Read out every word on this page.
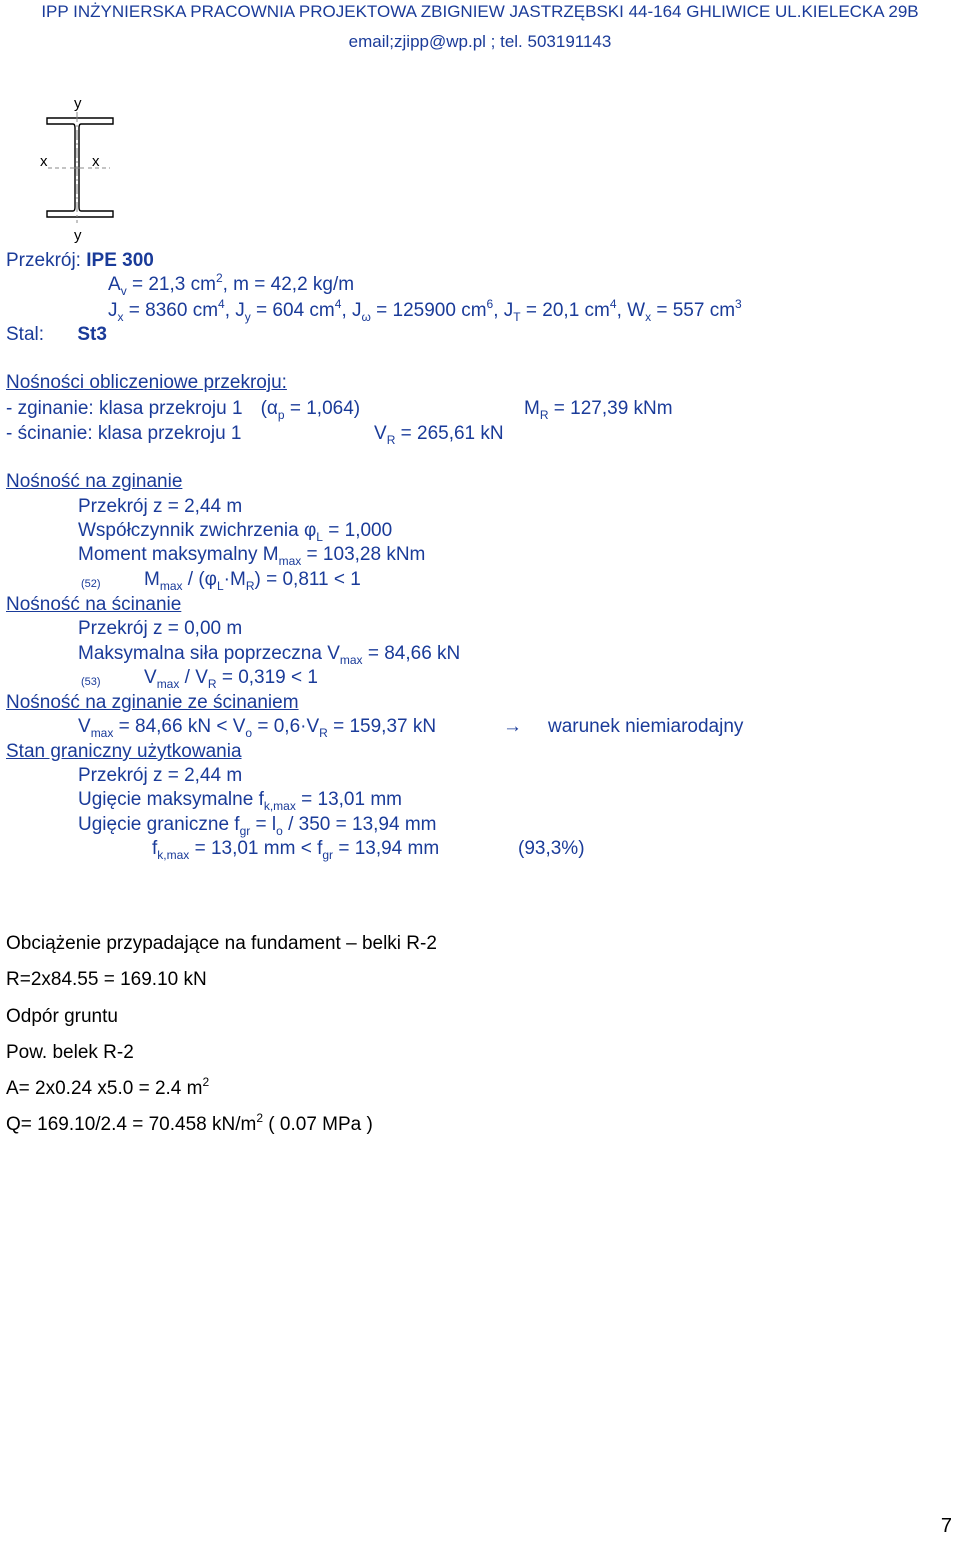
IPP INŻYNIERSKA PRACOWNIA PROJEKTOWA ZBIGNIEW JASTRZĘBSKI 44-164 GHLIWICE UL.KIELECKA 29B
email;zjipp@wp.pl ; tel. 503191143
y
y
x	x
Przekrój: IPE 300
$A_v = 21,3$ $cm^2$, m = 42,2 kg/m
$J_x = 8360$ $cm^4$, $J_y = 604$ $cm^4$, $J_\omega = 125900$ $cm^6$, $J_T = 20,1$ $cm^4$, $W_x = 557$ $cm^3$
Stal: St3
Nośności obliczeniowe przekroju:
- zginanie: klasa przekroju 1 $(\alpha_p = 1,064)$	$M_R = 127,39$ kNm
- ścinanie: klasa przekroju 1	$V_R = 265,61$ kN
Nośność na zginanie
Przekrój z = 2,44 m
Współczynnik zwichrzenia $\varphi_L = 1,000$
Moment maksymalny $M_{max} = 103,28$ kNm
(52) $M_{max} / (\varphi_L\cdot M_R) = 0,811 < 1$
Nośność na ścinanie
Przekrój z = 0,00 m
Maksymalna siła poprzeczna $V_{max} = 84,66$ kN
(53) $V_{max} / V_R = 0,319 < 1$
Nośność na zginanie ze ścinaniem
$V_{max} = 84,66$ kN < $V_o = 0,6\cdot V_R = 159,37$ kN	→ warunek niemiarodajny
Stan graniczny użytkowania
Przekrój z = 2,44 m
Ugięcie maksymalne $f_{k,max} = 13,01$ mm
Ugięcie graniczne $f_{gr} = l_o / 350 = 13,94$ mm
$f_{k,max} = 13,01$ mm < $f_{gr} = 13,94$ mm	(93,3%)
Obciążenie przypadające na fundament – belki R-2
R=2x84.55 = 169.10 kN
Odpór gruntu
Pow. belek R-2
A= 2x0.24 x5.0 = 2.4 $m^2$
Q= 169.10/2.4 = 70.458 $kN/m^2$ ( 0.07 MPa )
7
